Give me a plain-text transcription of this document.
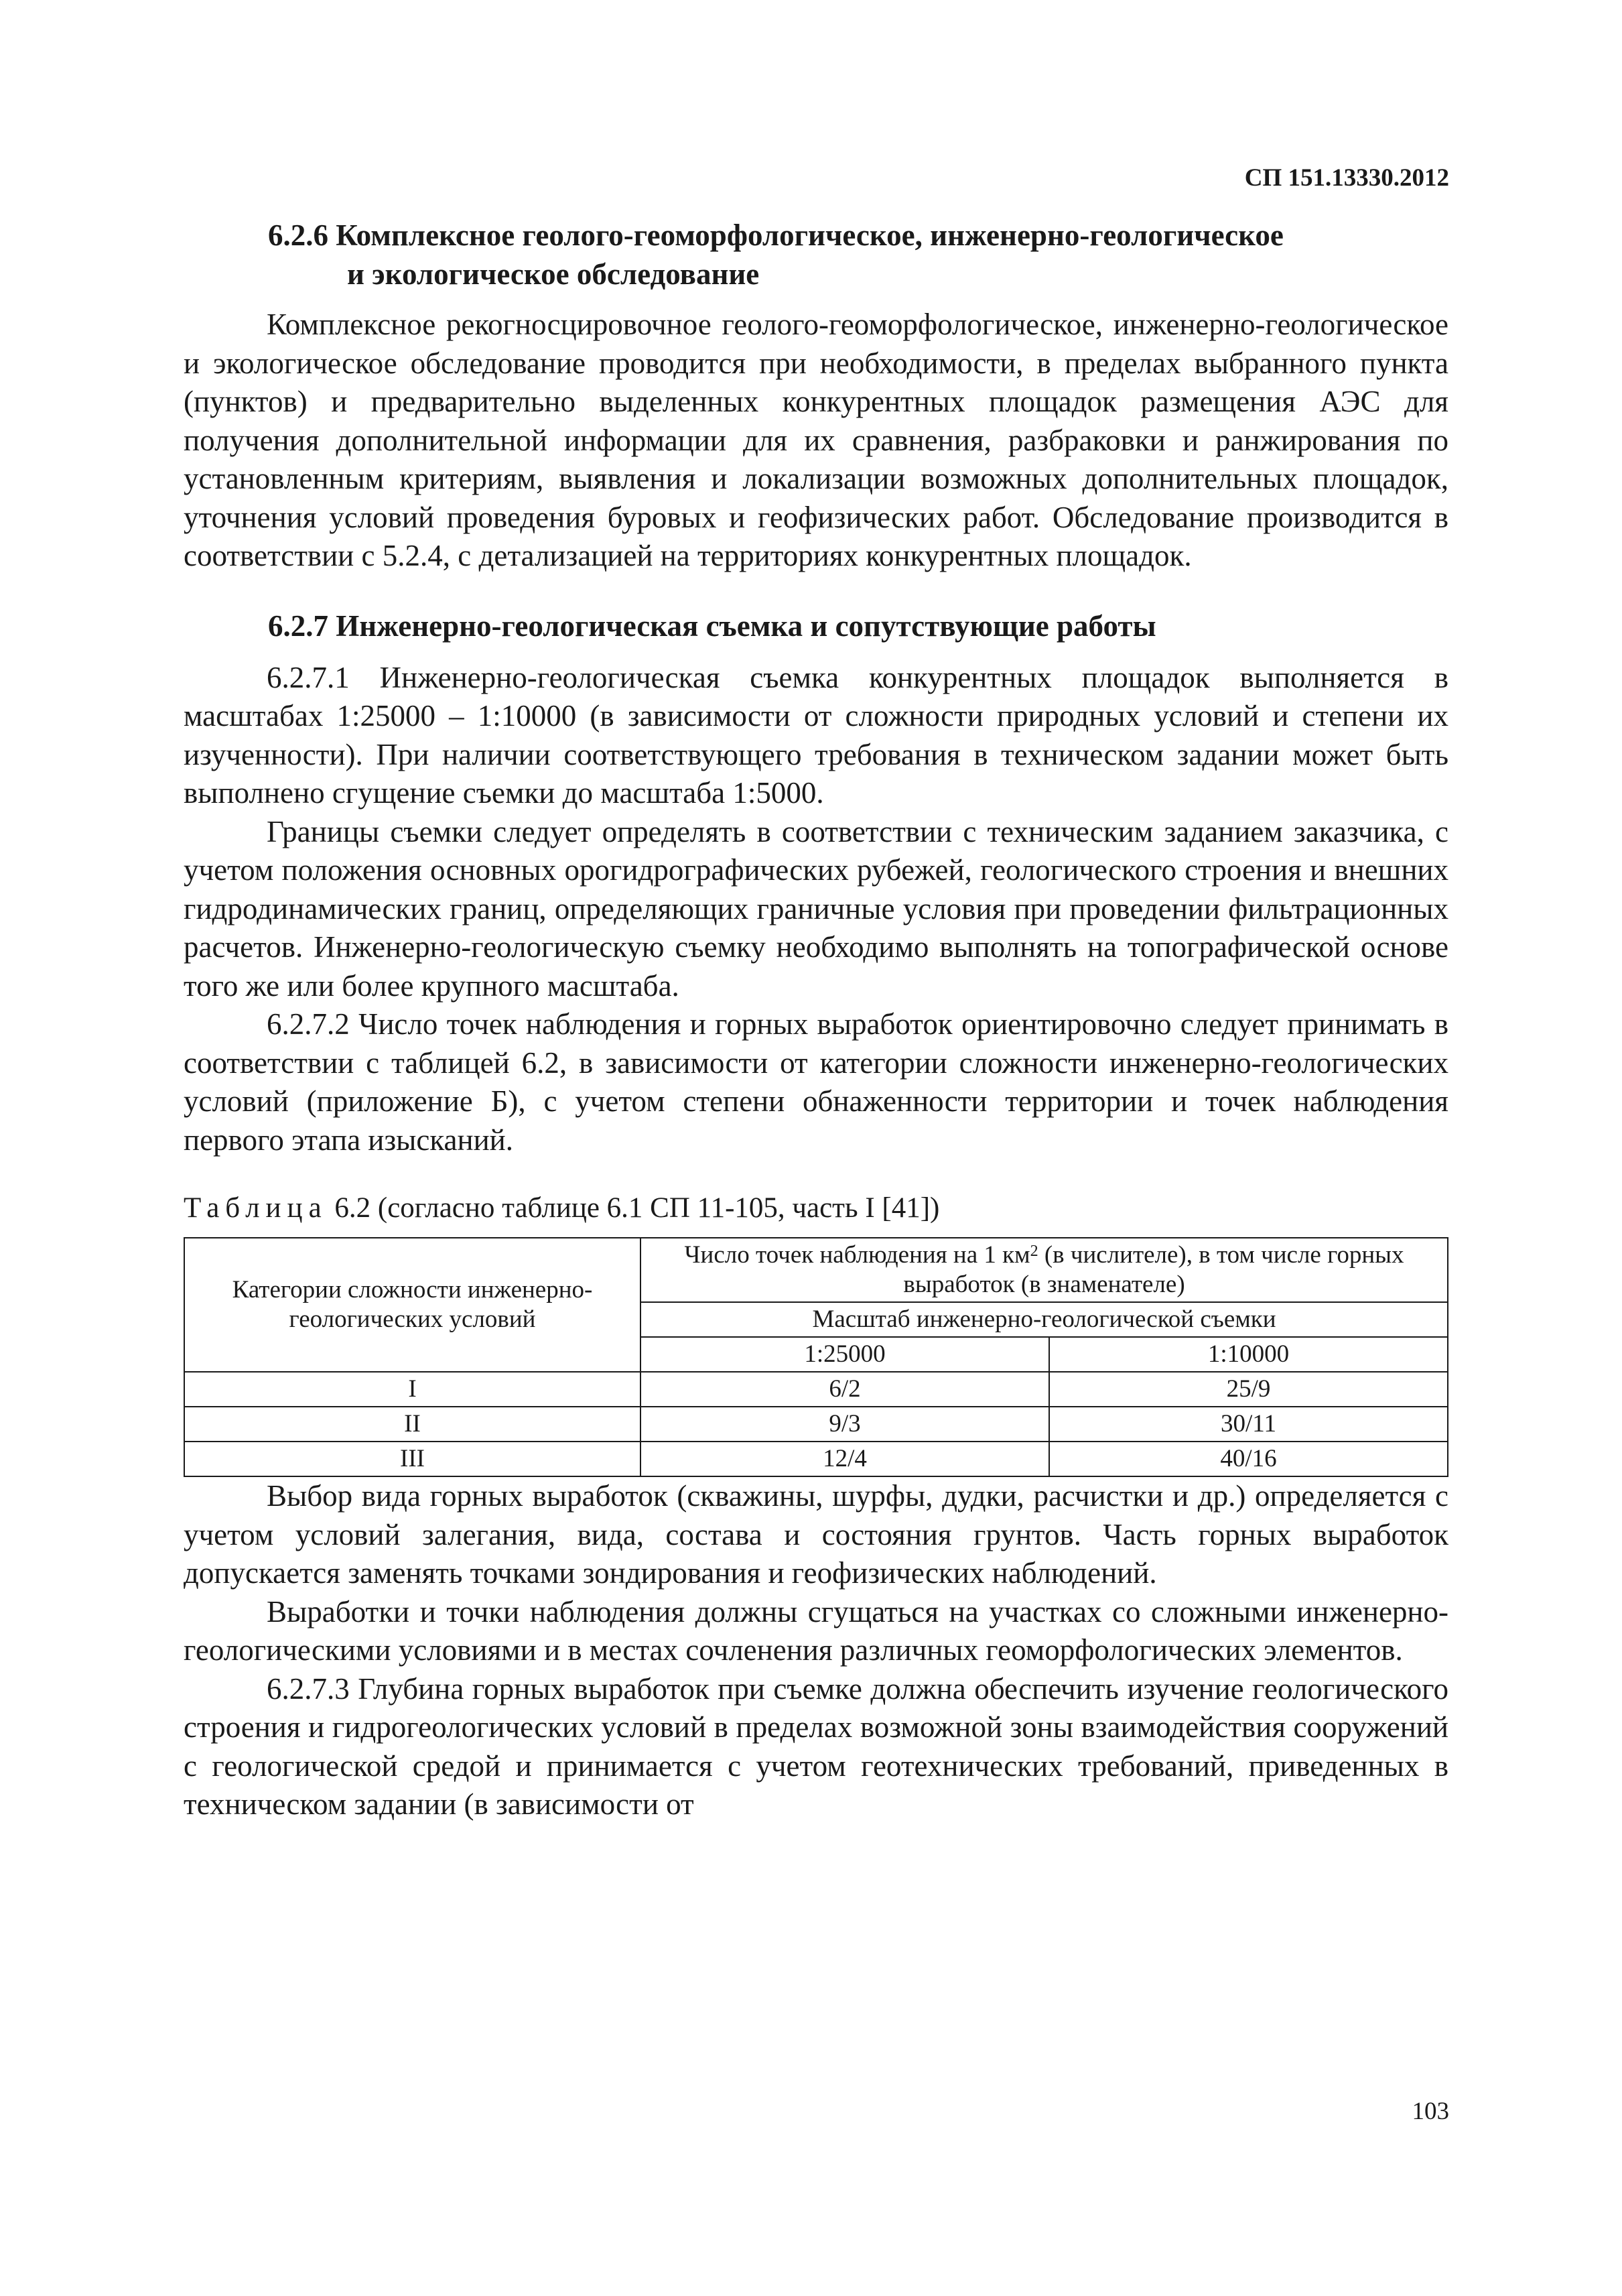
СП 151.13330.2012
6.2.6 Комплексное геолого-геоморфологическое, инженерно-геологическое
и экологическое обследование

Комплексное рекогносцировочное геолого-геоморфологическое, инженерно-геологическое и экологическое обследование проводится при необходимости, в пределах выбранного пункта (пунктов) и предварительно выделенных конкурентных площадок размещения АЭС для получения дополнительной информации для их сравнения, разбраковки и ранжирования по установленным критериям, выявления и локализации возможных дополнительных площадок, уточнения условий проведения буровых и геофизических работ. Обследование производится в соответствии с 5.2.4, с детализацией на территориях конкурентных площадок.

6.2.7 Инженерно-геологическая съемка и сопутствующие работы

6.2.7.1 Инженерно-геологическая съемка конкурентных площадок выполняется в масштабах 1:25000 – 1:10000 (в зависимости от сложности природных условий и степени их изученности). При наличии соответствующего требования в техническом задании может быть выполнено сгущение съемки до масштаба 1:5000.

Границы съемки следует определять в соответствии с техническим заданием заказчика, с учетом положения основных орогидрографических рубежей, геологического строения и внешних гидродинамических границ, определяющих граничные условия при проведении фильтрационных расчетов. Инженерно-геологическую съемку необходимо выполнять на топографической основе того же или более крупного масштаба.

6.2.7.2 Число точек наблюдения и горных выработок ориентировочно следует принимать в соответствии с таблицей 6.2, в зависимости от категории сложности инженерно-геологических условий (приложение Б), с учетом степени обнаженности территории и точек наблюдения первого этапа изысканий.

Таблица 6.2 (согласно таблице 6.1 СП 11-105, часть I [41])
Категории сложности инженерно-геологических условий	Число точек наблюдения на 1 $км^2$ (в числителе), в том числе горных выработок (в знаменателе)	
	Масштаб инженерно-геологической съемки	
	1:25000	1:10000
I	6/2	25/9
II	9/3	30/11
III	12/4	40/16

Выбор вида горных выработок (скважины, шурфы, дудки, расчистки и др.) определяется с учетом условий залегания, вида, состава и состояния грунтов. Часть горных выработок допускается заменять точками зондирования и геофизических наблюдений.

Выработки и точки наблюдения должны сгущаться на участках со сложными инженерно-геологическими условиями и в местах сочленения различных геоморфологических элементов.

6.2.7.3 Глубина горных выработок при съемке должна обеспечить изучение геологического строения и гидрогеологических условий в пределах возможной зоны взаимодействия сооружений с геологической средой и принимается с учетом геотехнических требований, приведенных в техническом задании (в зависимости от

103
